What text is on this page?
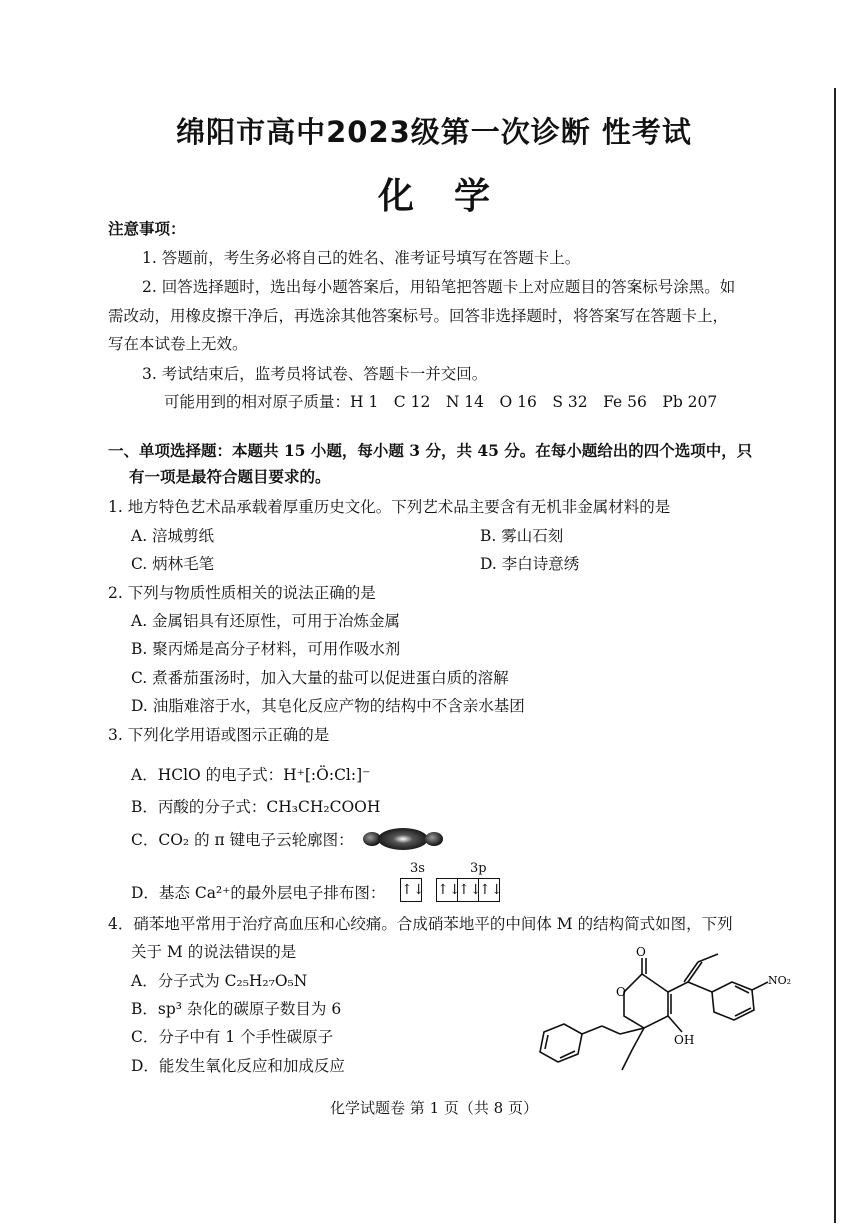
绵阳市高中2023级第一次诊断 性考试
化学
注意事项：
1. 答题前，考生务必将自己的姓名、准考证号填写在答题卡上。
2. 回答选择题时，选出每小题答案后，用铅笔把答题卡上对应题目的答案标号涂黑。如
需改动，用橡皮擦干净后，再选涂其他答案标号。回答非选择题时，将答案写在答题卡上，
写在本试卷上无效。
3. 考试结束后，监考员将试卷、答题卡一并交回。
可能用到的相对原子质量：H 1　C 12　N 14　O 16　S 32　Fe 56　Pb 207
一、单项选择题：本题共 15 小题，每小题 3 分，共 45 分。在每小题给出的四个选项中，只
有一项是最符合题目要求的。
1. 地方特色艺术品承载着厚重历史文化。下列艺术品主要含有无机非金属材料的是
A. 涪城剪纸	B. 雾山石刻
C. 炳林毛笔	D. 李白诗意绣
2. 下列与物质性质相关的说法正确的是
A. 金属铝具有还原性，可用于冶炼金属
B. 聚丙烯是高分子材料，可用作吸水剂
C. 煮番茄蛋汤时，加入大量的盐可以促进蛋白质的溶解
D. 油脂难溶于水，其皂化反应产物的结构中不含亲水基团
3. 下列化学用语或图示正确的是
A．HClO 的电子式：H⁺[:Ö:Cl:]⁻
B．丙酸的分子式：CH₃CH₂COOH
C．CO₂ 的 π 键电子云轮廓图：
3s	3p
D．基态 Ca²⁺的最外层电子排布图： ↑↓ ↑↓↑↓↑↓
4．硝苯地平常用于治疗高血压和心绞痛。合成硝苯地平的中间体 M 的结构简式如图，下列
关于 M 的说法错误的是
A．分子式为 C₂₅H₂₇O₅N
B．sp³ 杂化的碳原子数目为 6
C．分子中有 1 个手性碳原子
D．能发生氧化反应和加成反应
O
O
OH
NO₂
化学试题卷 第 1 页（共 8 页）
